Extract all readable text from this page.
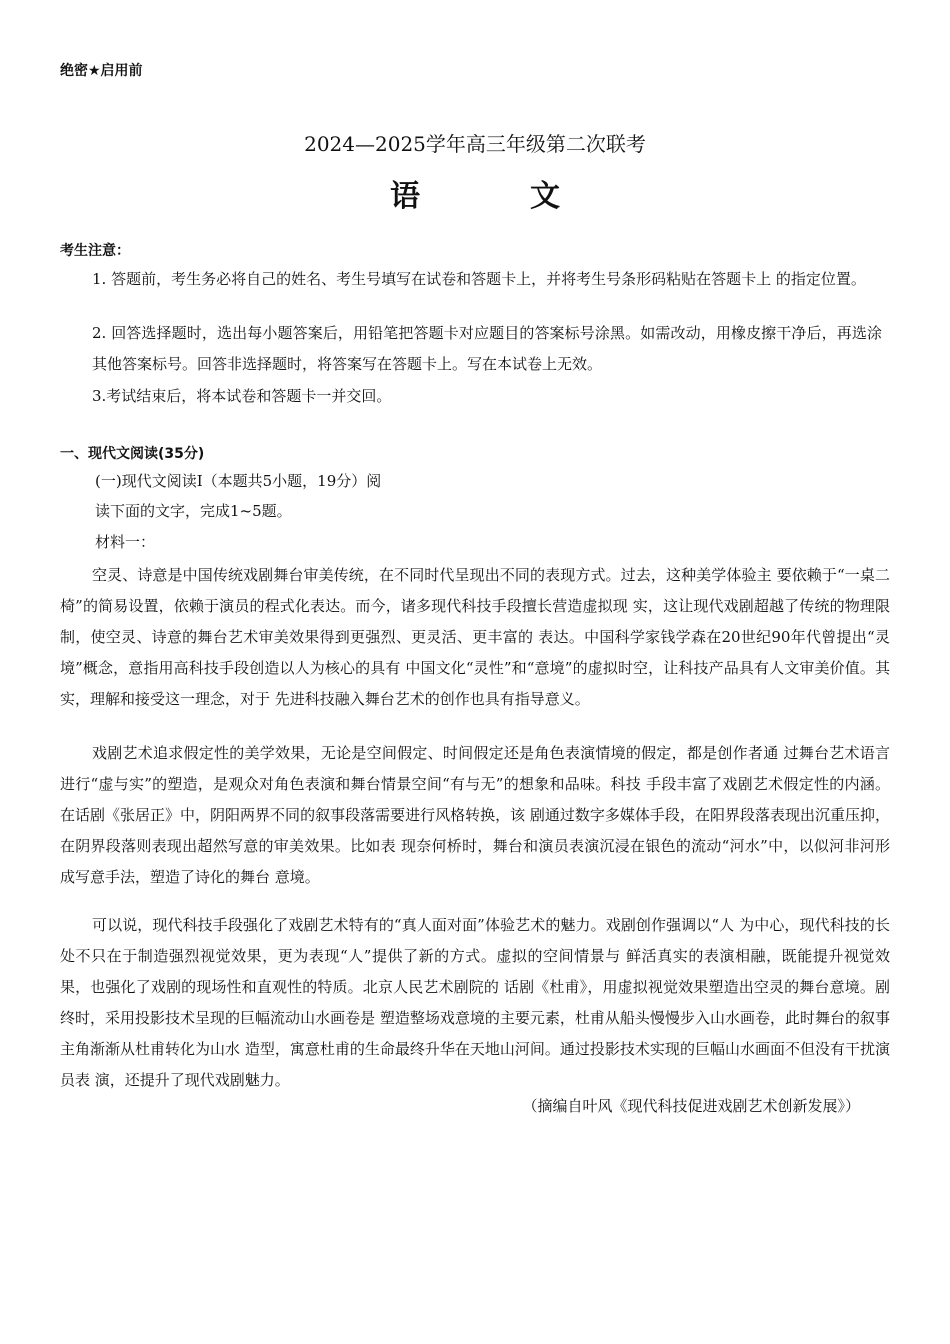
绝密★启用前
2024—2025学年高三年级第二次联考
语　文
考生注意：
1. 答题前，考生务必将自己的姓名、考生号填写在试卷和答题卡上，并将考生号条形码粘贴在答题卡上 的指定位置。
2. 回答选择题时，选出每小题答案后，用铅笔把答题卡对应题目的答案标号涂黑。如需改动，用橡皮擦干净后，再选涂其他答案标号。回答非选择题时，将答案写在答题卡上。写在本试卷上无效。
3.考试结束后，将本试卷和答题卡一并交回。
一、现代文阅读(35分)
(一)现代文阅读Ⅰ（本题共5小题，19分）阅
读下面的文字，完成1~5题。
材料一：
空灵、诗意是中国传统戏剧舞台审美传统，在不同时代呈现出不同的表现方式。过去，这种美学体验主 要依赖于“一桌二椅”的简易设置，依赖于演员的程式化表达。而今，诸多现代科技手段擅长营造虚拟现 实，这让现代戏剧超越了传统的物理限制，使空灵、诗意的舞台艺术审美效果得到更强烈、更灵活、更丰富的 表达。中国科学家钱学森在20世纪90年代曾提出“灵境”概念，意指用高科技手段创造以人为核心的具有 中国文化“灵性”和“意境”的虚拟时空，让科技产品具有人文审美价值。其实，理解和接受这一理念，对于 先进科技融入舞台艺术的创作也具有指导意义。
戏剧艺术追求假定性的美学效果，无论是空间假定、时间假定还是角色表演情境的假定，都是创作者通 过舞台艺术语言进行“虚与实”的塑造，是观众对角色表演和舞台情景空间“有与无”的想象和品味。科技 手段丰富了戏剧艺术假定性的内涵。在话剧《张居正》中，阴阳两界不同的叙事段落需要进行风格转换，该 剧通过数字多媒体手段，在阳界段落表现出沉重压抑，在阴界段落则表现出超然写意的审美效果。比如表 现奈何桥时，舞台和演员表演沉浸在银色的流动“河水”中，以似河非河形成写意手法，塑造了诗化的舞台 意境。
可以说，现代科技手段强化了戏剧艺术特有的“真人面对面”体验艺术的魅力。戏剧创作强调以“人 为中心，现代科技的长处不只在于制造强烈视觉效果，更为表现“人”提供了新的方式。虚拟的空间情景与 鲜活真实的表演相融，既能提升视觉效果，也强化了戏剧的现场性和直观性的特质。北京人民艺术剧院的 话剧《杜甫》，用虚拟视觉效果塑造出空灵的舞台意境。剧终时，采用投影技术呈现的巨幅流动山水画卷是 塑造整场戏意境的主要元素，杜甫从船头慢慢步入山水画卷，此时舞台的叙事主角渐渐从杜甫转化为山水 造型，寓意杜甫的生命最终升华在天地山河间。通过投影技术实现的巨幅山水画面不但没有干扰演员表 演，还提升了现代戏剧魅力。
（摘编自叶风《现代科技促进戏剧艺术创新发展》）
